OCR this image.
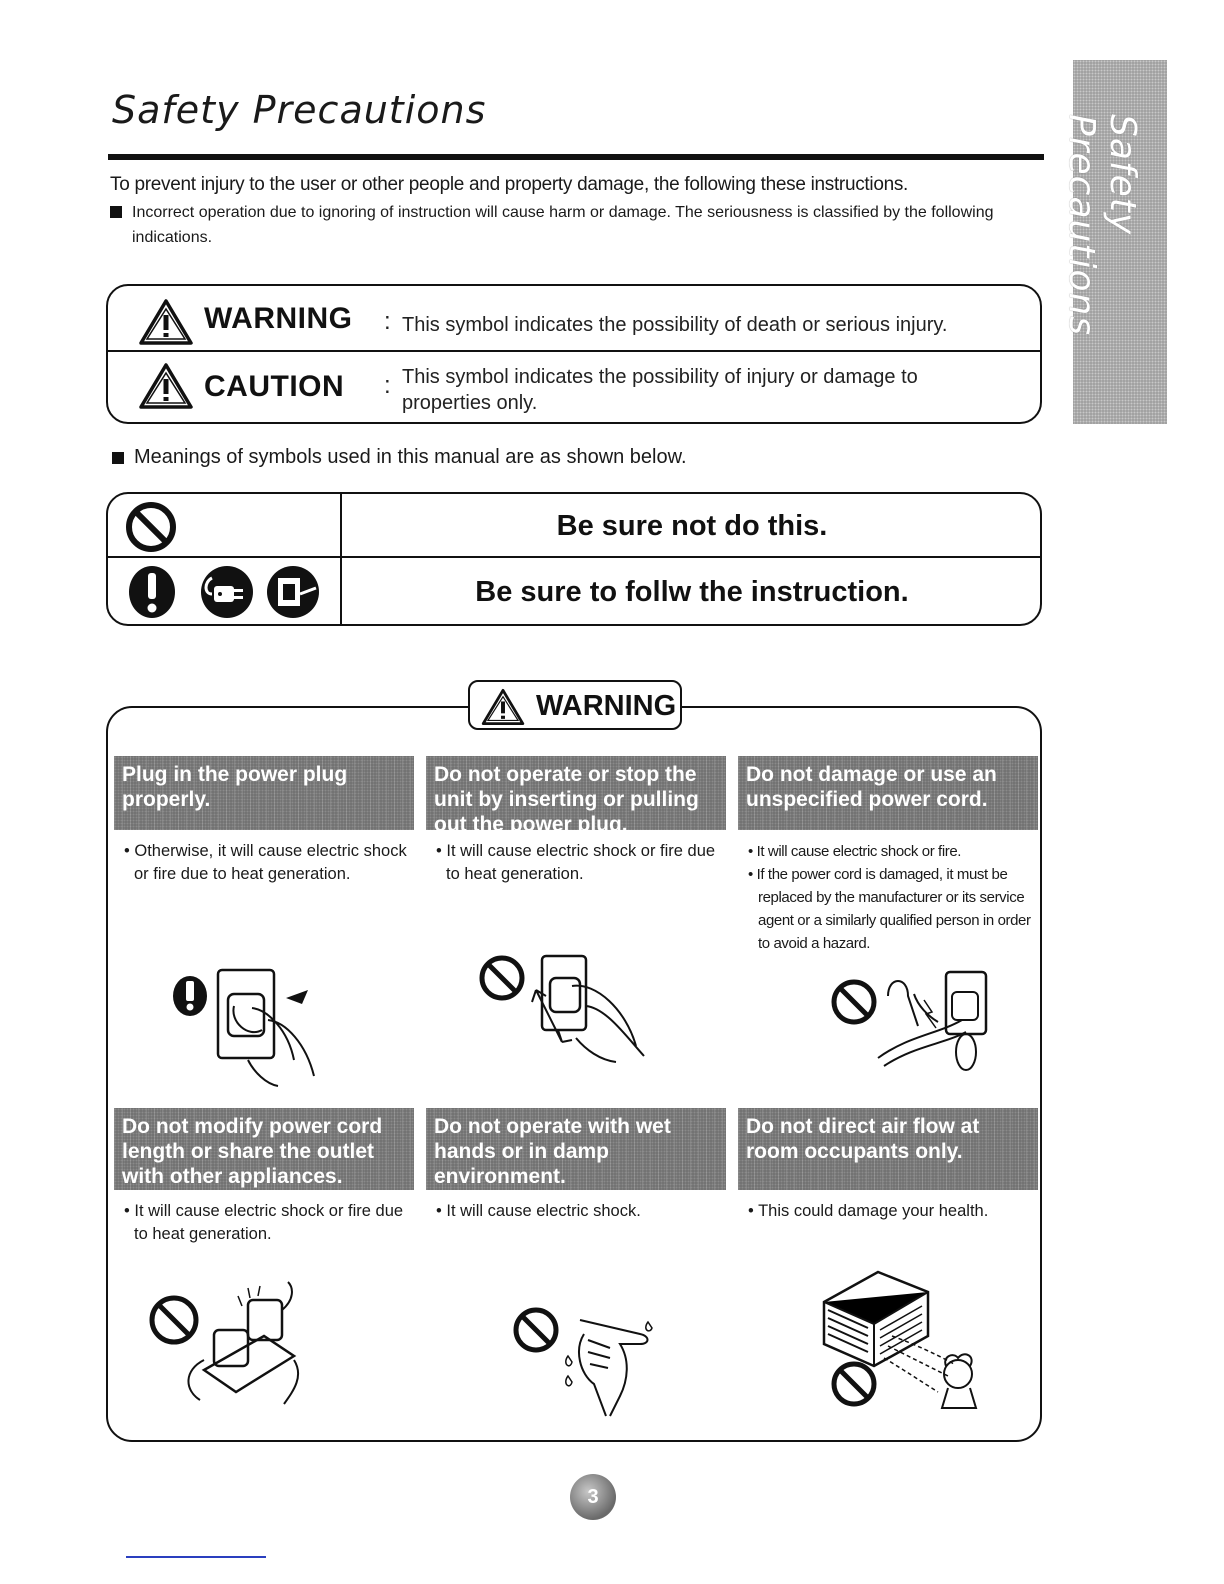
Safety Precautions
Safety Precautions
To prevent injury to the user or other people and property damage, the following these instructions.
Incorrect operation due to ignoring of instruction will cause harm or damage. The seriousness is classified by the following indications.
WARNING : This symbol indicates the possibility of death or serious injury.
CAUTION : This symbol indicates the possibility of injury or damage to properties only.
Meanings of symbols used in this manual are as shown below.
Be sure not do this.
Be sure to follw the instruction.
WARNING
Plug in the power plug properly.
• Otherwise, it will cause electric shock or fire due to heat generation.
Do not operate or stop the unit by inserting or pulling out the power plug.
• It will cause electric shock or fire due to heat generation.
Do not damage or use an unspecified power cord.
• It will cause electric shock or fire.
• If the power cord is damaged, it must be replaced by the manufacturer or its service agent or a similarly qualified person in order to avoid a hazard.
Do not modify power cord length or share the outlet with other appliances.
• It will cause electric shock or fire due to heat generation.
Do not operate with wet hands or in damp environment.
• It will cause electric shock.
Do not direct air flow at room occupants only.
• This could damage your health.
3
